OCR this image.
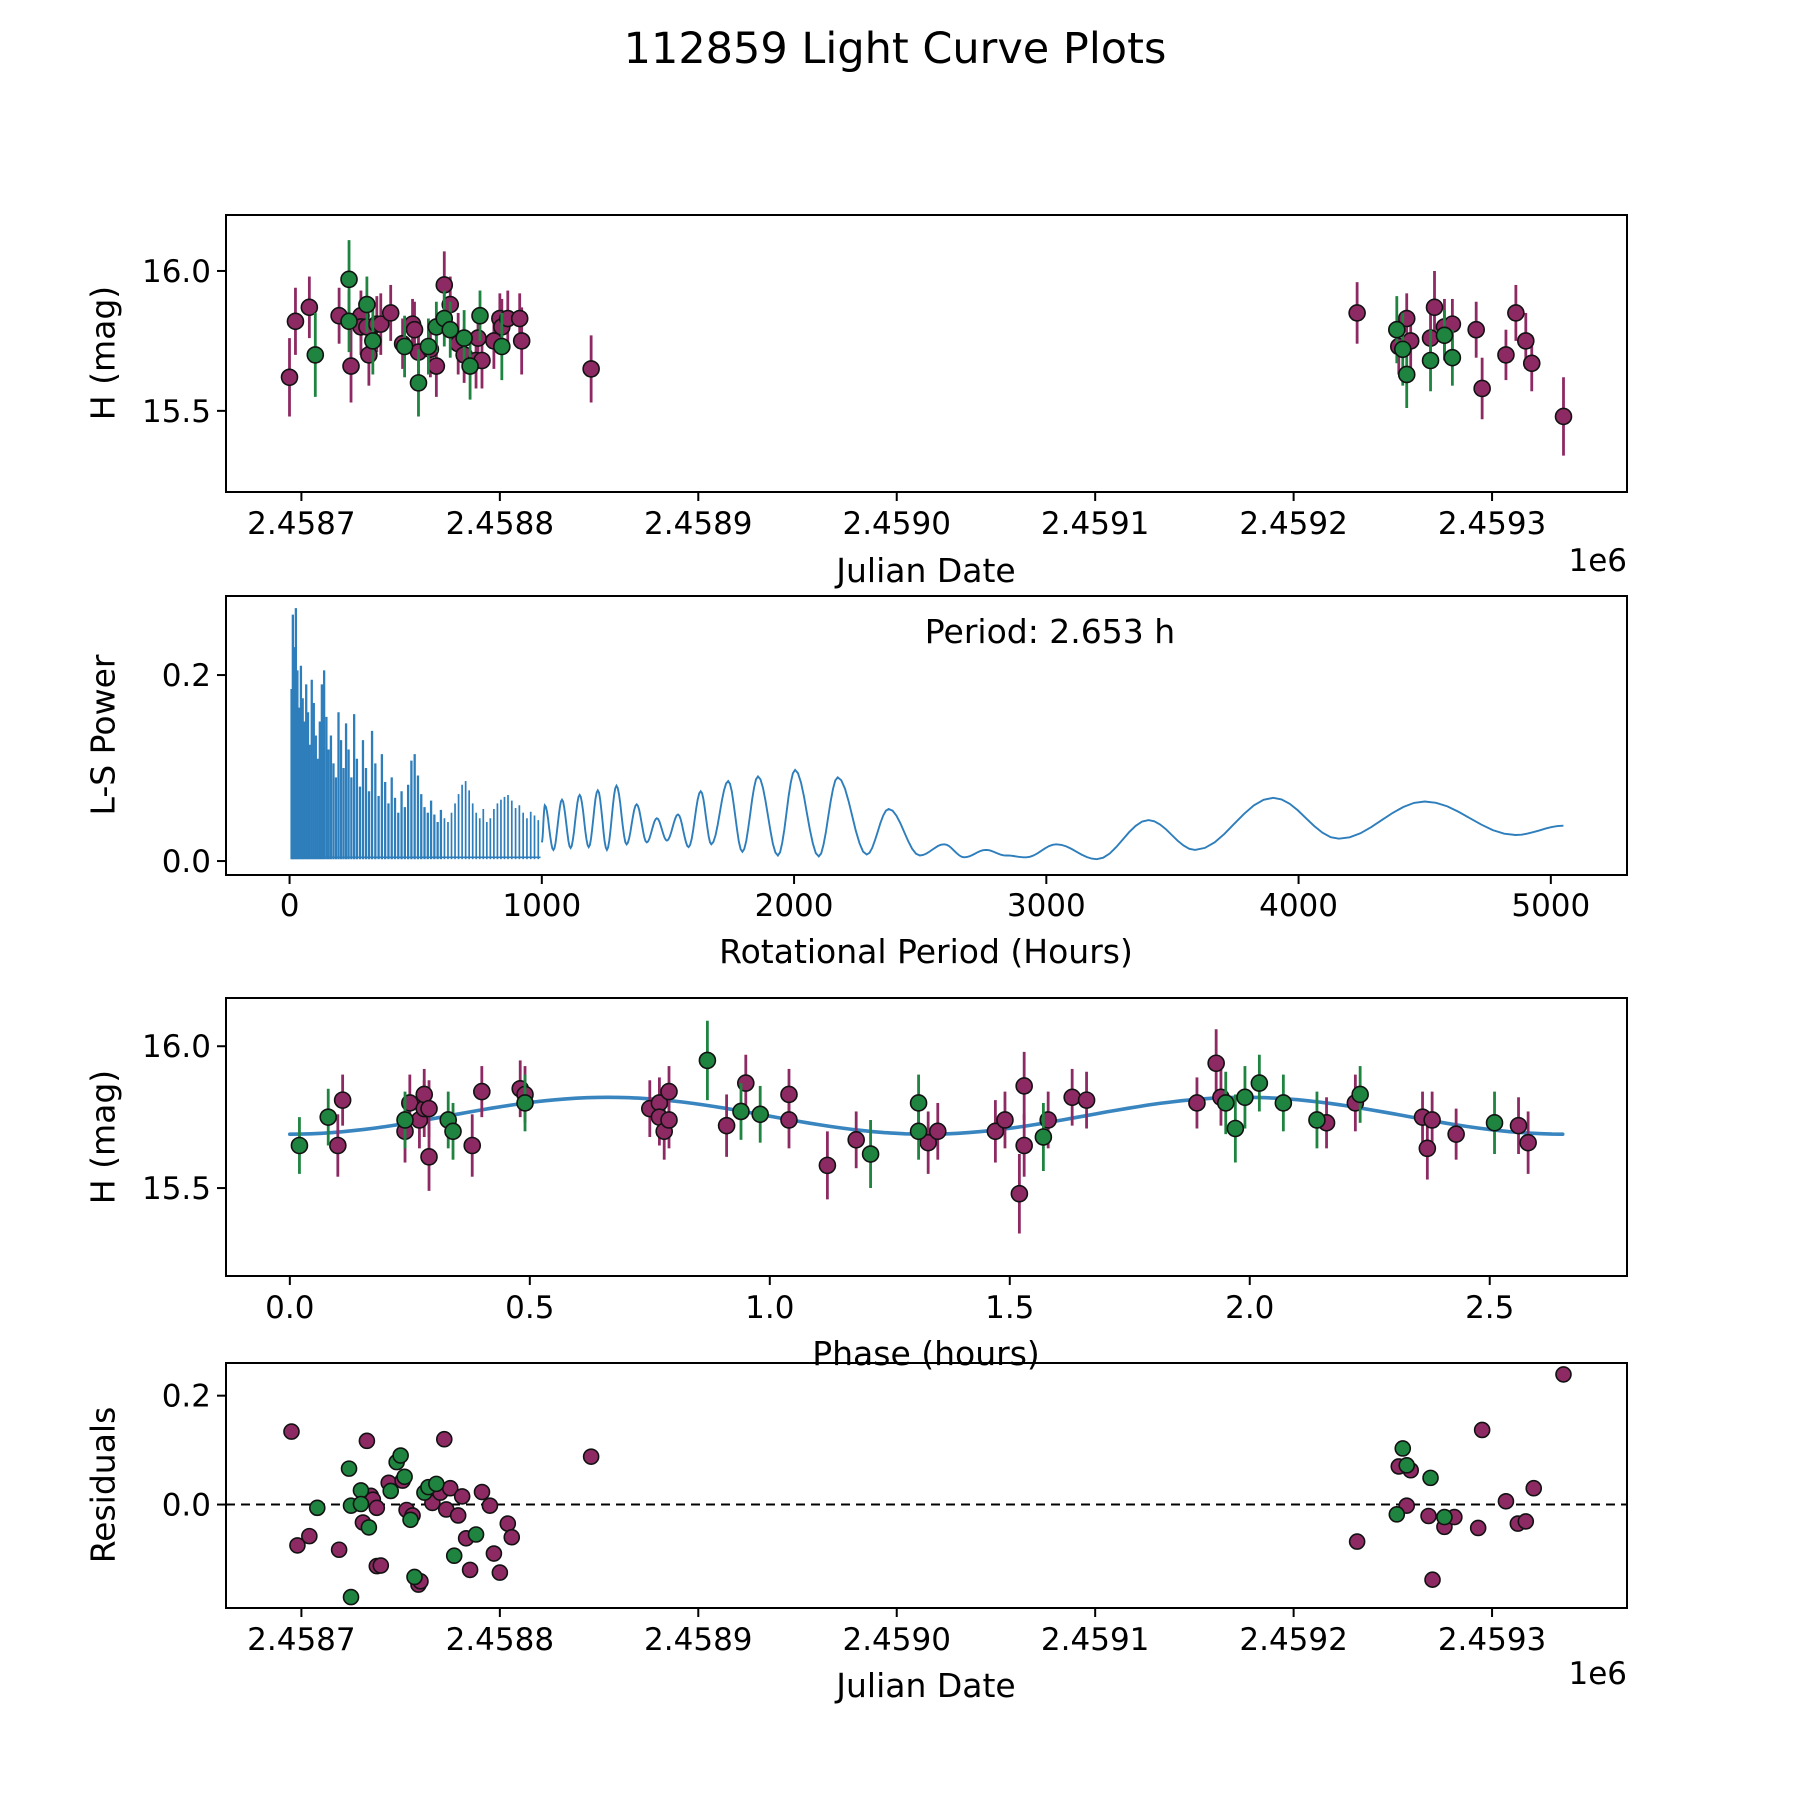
2.4587	2.4588	2.4589	2.4590	2.4591	2.4592	2.4593
16.0
15.5
0	1000	2000	3000	4000	5000
0.2
0.0
0.0	0.5	1.0	1.5	2.0	2.5
16.0
15.5
2.4587	2.4588	2.4589	2.4590	2.4591	2.4592	2.4593
0.2
0.0
112859 Light Curve Plots
H (mag)
Julian Date	1e6
L-S Power
Rotational Period (Hours)
Period: 2.653 h
H (mag)
Phase (hours)
Residuals
Julian Date	1e6
